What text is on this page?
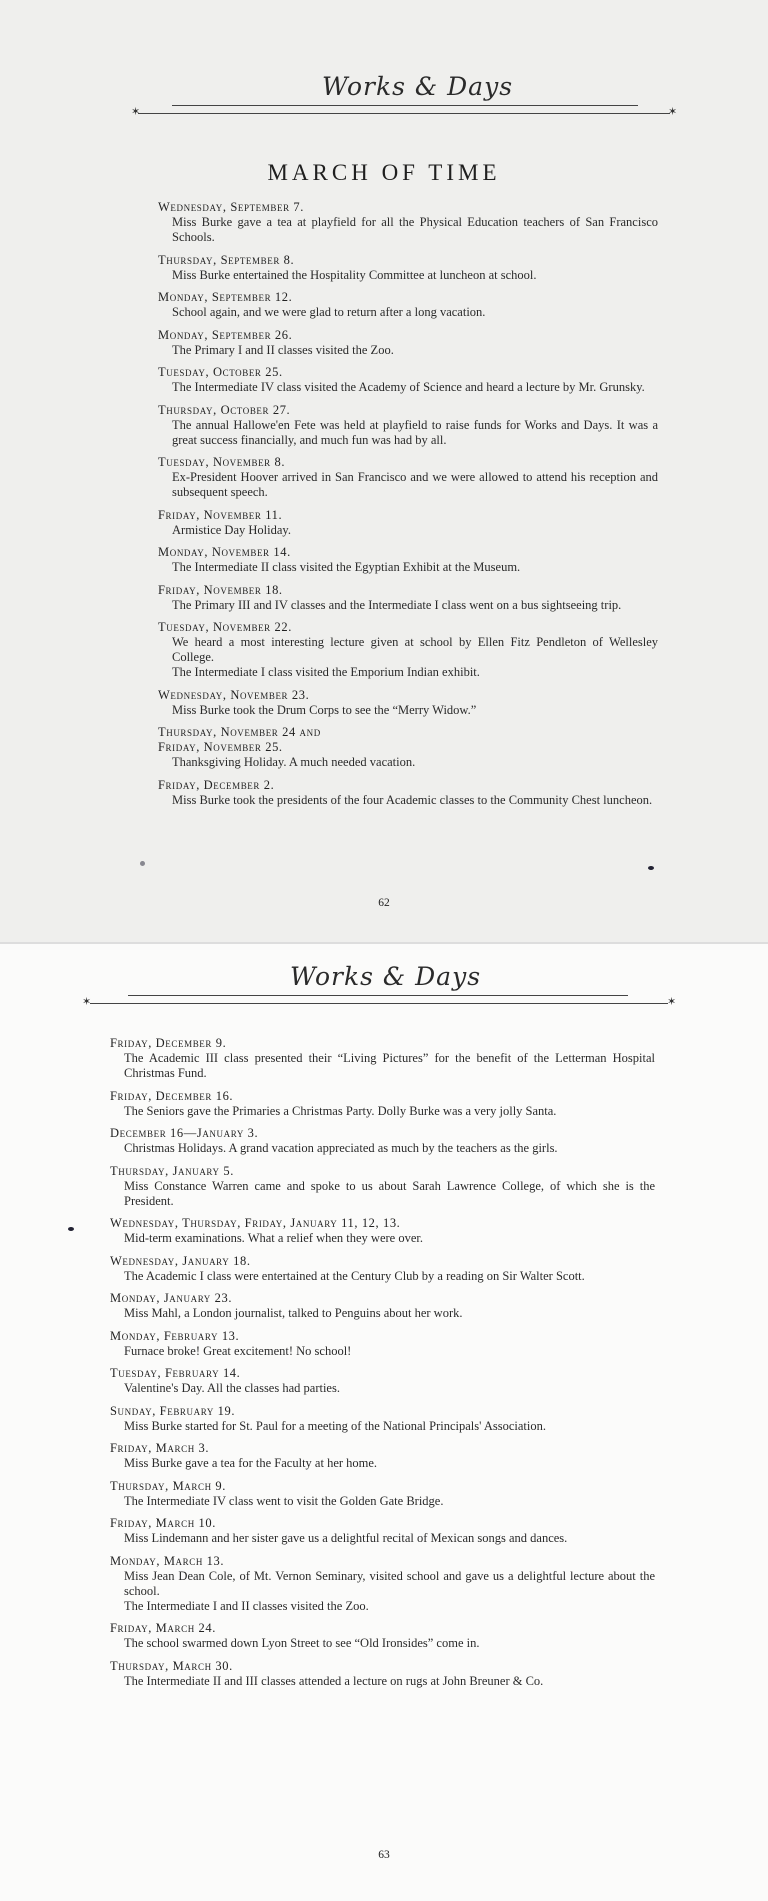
Works & Days
✶	✶
Works & Days
✶	✶
MARCH OF TIME
Wednesday, September 7.
Miss Burke gave a tea at playfield for all the Physical Education teachers of San Francisco Schools.
Thursday, September 8.
Miss Burke entertained the Hospitality Committee at luncheon at school.
Monday, September 12.
School again, and we were glad to return after a long vacation.
Monday, September 26.
The Primary I and II classes visited the Zoo.
Tuesday, October 25.
The Intermediate IV class visited the Academy of Science and heard a lecture by Mr. Grunsky.
Thursday, October 27.
The annual Hallowe'en Fete was held at playfield to raise funds for Works and Days. It was a great success financially, and much fun was had by all.
Tuesday, November 8.
Ex-President Hoover arrived in San Francisco and we were allowed to attend his reception and subsequent speech.
Friday, November 11.
Armistice Day Holiday.
Monday, November 14.
The Intermediate II class visited the Egyptian Exhibit at the Museum.
Friday, November 18.
The Primary III and IV classes and the Intermediate I class went on a bus sightseeing trip.
Tuesday, November 22.
We heard a most interesting lecture given at school by Ellen Fitz Pendleton of Wellesley College.
The Intermediate I class visited the Emporium Indian exhibit.
Wednesday, November 23.
Miss Burke took the Drum Corps to see the “Merry Widow.”
Thursday, November 24 and
Friday, November 25.
Thanksgiving Holiday. A much needed vacation.
Friday, December 2.
Miss Burke took the presidents of the four Academic classes to the Community Chest luncheon.
Friday, December 9.
The Academic III class presented their “Living Pictures” for the benefit of the Letterman Hospital Christmas Fund.
Friday, December 16.
The Seniors gave the Primaries a Christmas Party. Dolly Burke was a very jolly Santa.
December 16—January 3.
Christmas Holidays. A grand vacation appreciated as much by the teachers as the girls.
Thursday, January 5.
Miss Constance Warren came and spoke to us about Sarah Lawrence College, of which she is the President.
Wednesday, Thursday, Friday, January 11, 12, 13.
Mid-term examinations. What a relief when they were over.
Wednesday, January 18.
The Academic I class were entertained at the Century Club by a reading on Sir Walter Scott.
Monday, January 23.
Miss Mahl, a London journalist, talked to Penguins about her work.
Monday, February 13.
Furnace broke! Great excitement! No school!
Tuesday, February 14.
Valentine's Day. All the classes had parties.
Sunday, February 19.
Miss Burke started for St. Paul for a meeting of the National Principals' Association.
Friday, March 3.
Miss Burke gave a tea for the Faculty at her home.
Thursday, March 9.
The Intermediate IV class went to visit the Golden Gate Bridge.
Friday, March 10.
Miss Lindemann and her sister gave us a delightful recital of Mexican songs and dances.
Monday, March 13.
Miss Jean Dean Cole, of Mt. Vernon Seminary, visited school and gave us a delightful lecture about the school.
The Intermediate I and II classes visited the Zoo.
Friday, March 24.
The school swarmed down Lyon Street to see “Old Ironsides” come in.
Thursday, March 30.
The Intermediate II and III classes attended a lecture on rugs at John Breuner & Co.
62
63
